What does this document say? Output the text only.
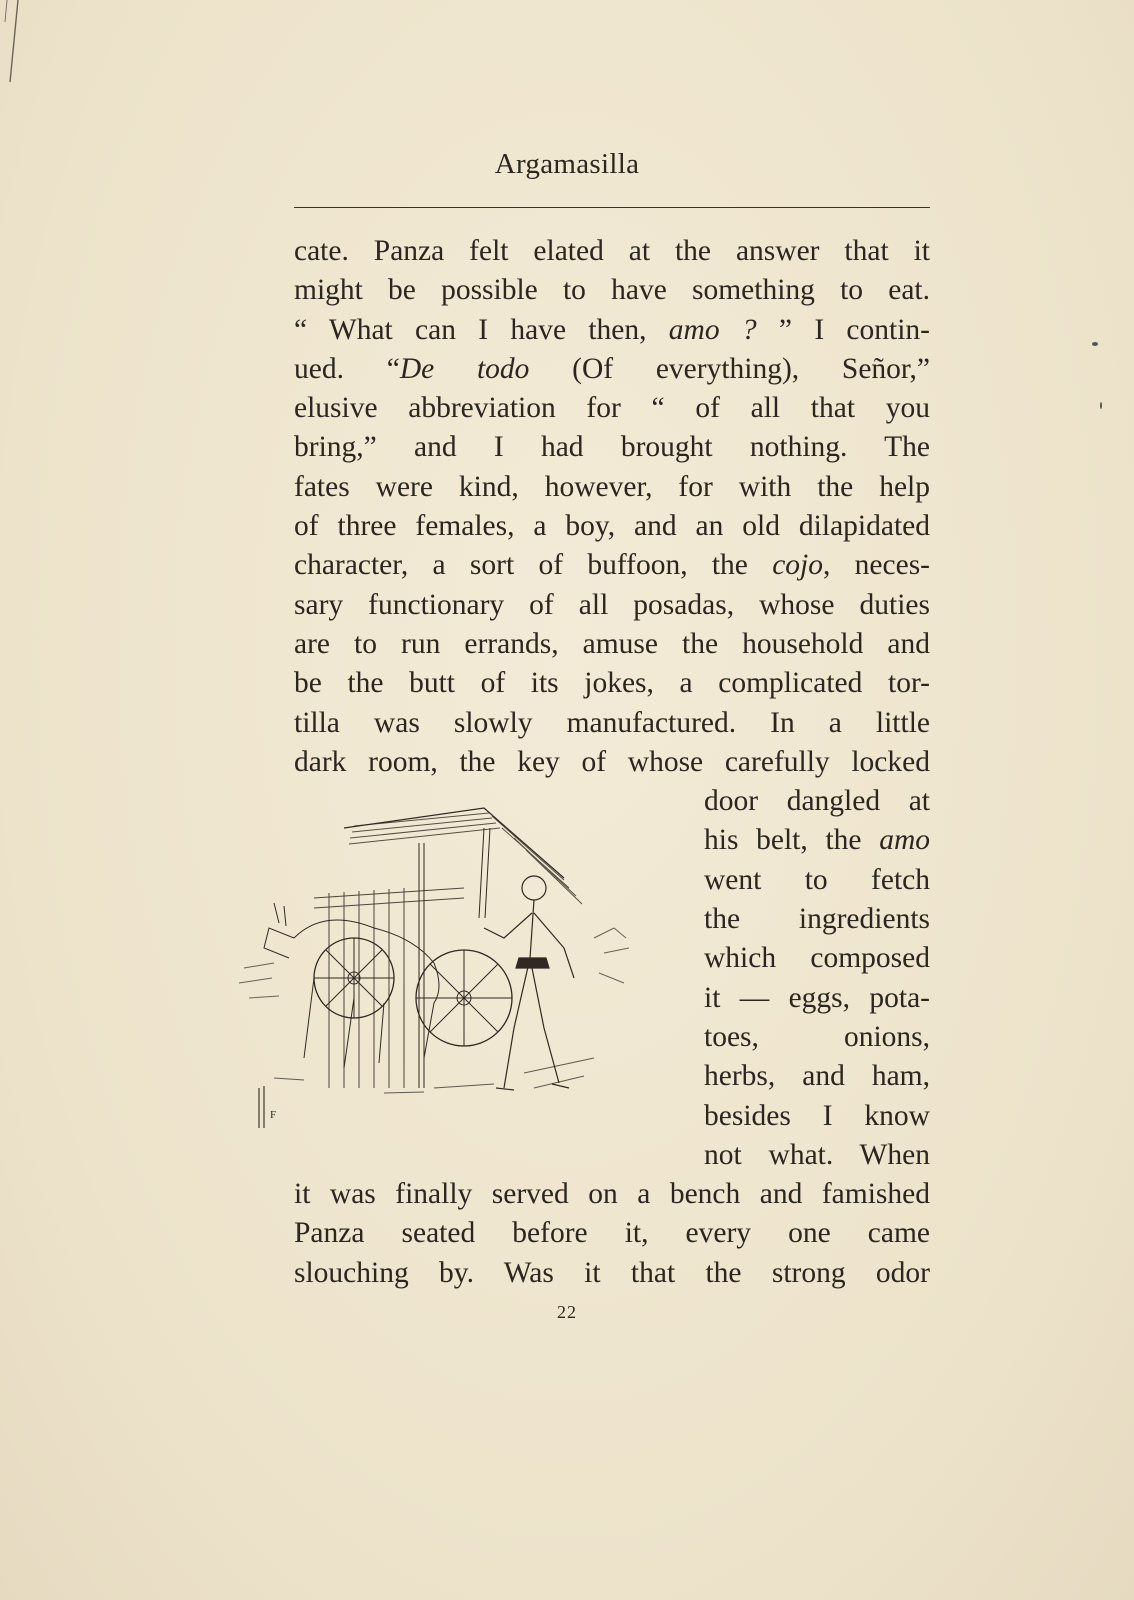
Argamasilla
cate. Panza felt elated at the answer that it
might be possible to have something to eat.
“ What can I have then, amo ? ” I contin-
ued. “De todo (Of everything), Señor,”
elusive abbreviation for “ of all that you
bring,” and I had brought nothing. The
fates were kind, however, for with the help
of three females, a boy, and an old dilapidated
character, a sort of buffoon, the cojo, neces-
sary functionary of all posadas, whose duties
are to run errands, amuse the household and
be the butt of its jokes, a complicated tor-
tilla was slowly manufactured. In a little
dark room, the key of whose carefully locked
F
door dangled at
his belt, the amo
went to fetch
the ingredients
which composed
it — eggs, pota-
toes, onions,
herbs, and ham,
besides I know
not what. When
it was finally served on a bench and famished
Panza seated before it, every one came
slouching by. Was it that the strong odor
22
